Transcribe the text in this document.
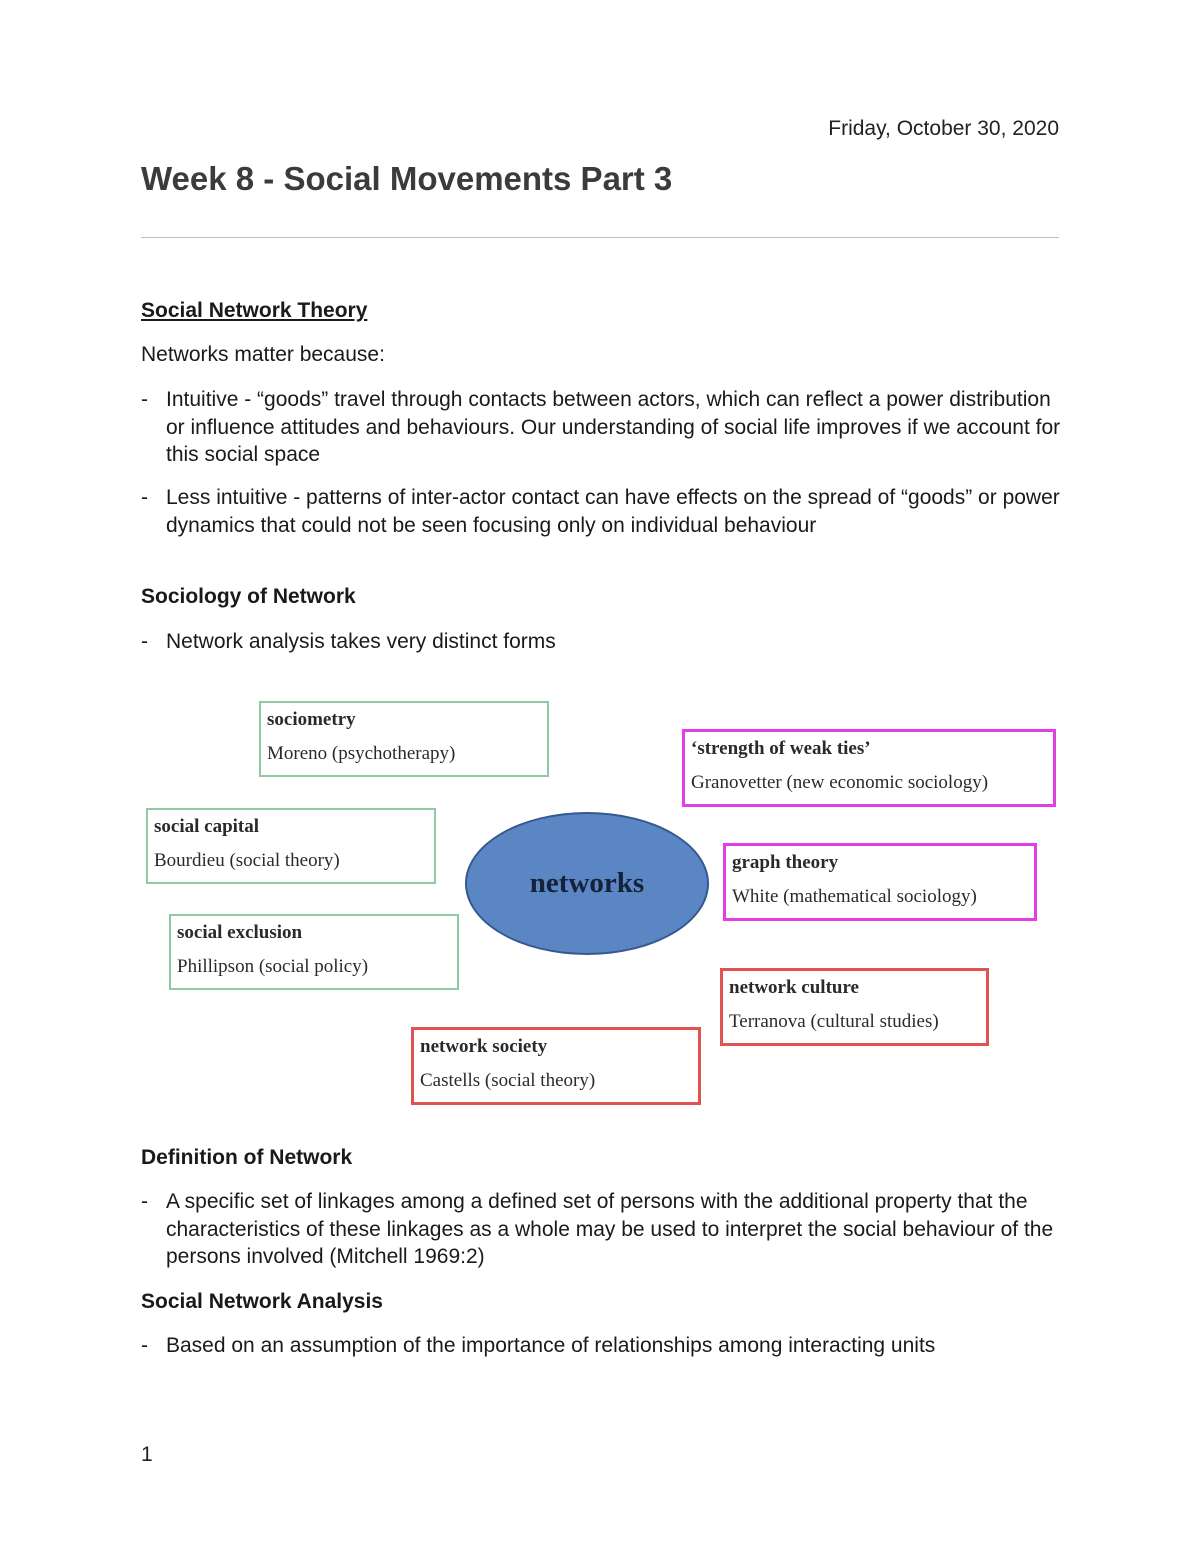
Friday, October 30, 2020
Week 8 - Social Movements Part 3
Social Network Theory
Networks matter because:
- Intuitive - “goods” travel through contacts between actors, which can reflect a power distribution or influence attitudes and behaviours. Our understanding of social life improves if we account for this social space
- Less intuitive - patterns of inter-actor contact can have effects on the spread of “goods” or power dynamics that could not be seen focusing only on individual behaviour
Sociology of Network
- Network analysis takes very distinct forms
sociometry
Moreno (psychotherapy)
social capital
Bourdieu (social theory)
social exclusion
Phillipson (social policy)
‘strength of weak ties’
Granovetter (new economic sociology)
graph theory
White (mathematical sociology)
network culture
Terranova (cultural studies)
network society
Castells (social theory)
networks
Definition of Network
- A specific set of linkages among a defined set of persons with the additional property that the characteristics of these linkages as a whole may be used to interpret the social behaviour of the persons involved (Mitchell 1969:2)
Social Network Analysis
- Based on an assumption of the importance of relationships among interacting units
1
